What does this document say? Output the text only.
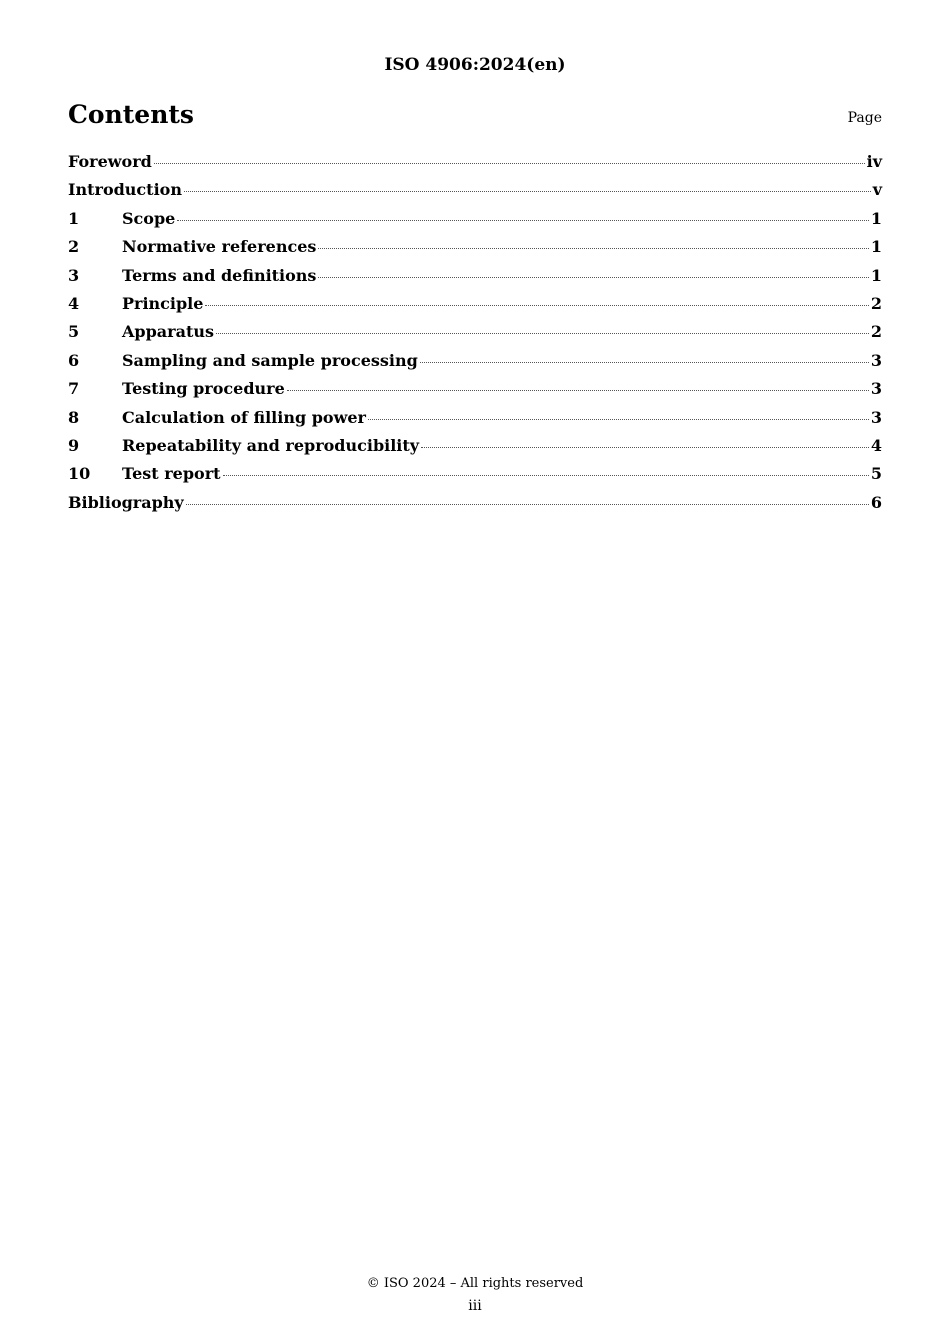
ISO 4906:2024(en)
Contents	Page
Foreword	iv
Introduction	v
1	Scope	1
2	Normative references	1
3	Terms and definitions	1
4	Principle	2
5	Apparatus	2
6	Sampling and sample processing	3
7	Testing procedure	3
8	Calculation of filling power	3
9	Repeatability and reproducibility	4
10	Test report	5
Bibliography	6
© ISO 2024 – All rights reserved
iii
